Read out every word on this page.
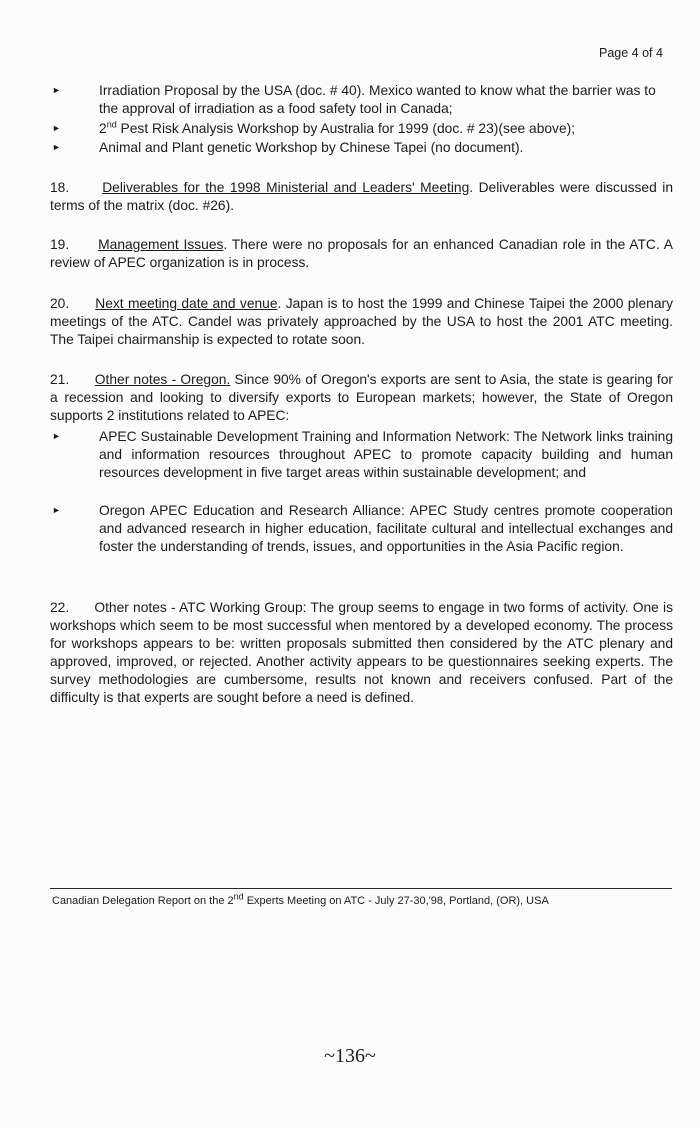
Page 4 of 4
►	Irradiation Proposal by the USA (doc. # 40). Mexico wanted to know what the barrier was to the approval of irradiation as a food safety tool in Canada;
►	2nd Pest Risk Analysis Workshop by Australia for 1999 (doc. # 23)(see above);
►	Animal and Plant genetic Workshop by Chinese Tapei (no document).
18. Deliverables for the 1998 Ministerial and Leaders' Meeting. Deliverables were discussed in terms of the matrix (doc. #26).
19. Management Issues. There were no proposals for an enhanced Canadian role in the ATC. A review of APEC organization is in process.
20. Next meeting date and venue. Japan is to host the 1999 and Chinese Taipei the 2000 plenary meetings of the ATC. Candel was privately approached by the USA to host the 2001 ATC meeting. The Taipei chairmanship is expected to rotate soon.
21. Other notes - Oregon. Since 90% of Oregon's exports are sent to Asia, the state is gearing for a recession and looking to diversify exports to European markets; however, the State of Oregon supports 2 institutions related to APEC:
►	APEC Sustainable Development Training and Information Network: The Network links training and information resources throughout APEC to promote capacity building and human resources development in five target areas within sustainable development; and
►	Oregon APEC Education and Research Alliance: APEC Study centres promote cooperation and advanced research in higher education, facilitate cultural and intellectual exchanges and foster the understanding of trends, issues, and opportunities in the Asia Pacific region.
22. Other notes - ATC Working Group: The group seems to engage in two forms of activity. One is workshops which seem to be most successful when mentored by a developed economy. The process for workshops appears to be: written proposals submitted then considered by the ATC plenary and approved, improved, or rejected. Another activity appears to be questionnaires seeking experts. The survey methodologies are cumbersome, results not known and receivers confused. Part of the difficulty is that experts are sought before a need is defined.
Canadian Delegation Report on the 2nd Experts Meeting on ATC - July 27-30,'98, Portland, (OR), USA
~136~
